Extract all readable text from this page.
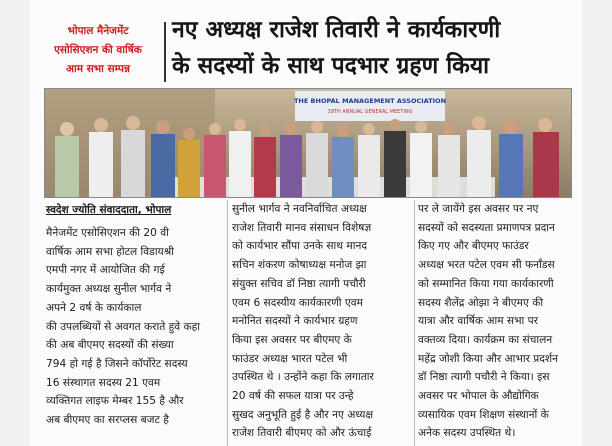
भोपाल मैनेजमेंट
एसोसिएशन की वार्षिक
आम सभा सम्पन्न
नए अध्यक्ष राजेश तिवारी ने कार्यकारणी
के सदस्यों के साथ पदभार ग्रहण किया
THE BHOPAL MANAGEMENT ASSOCIATION
39TH ANNUAL GENERAL MEETING
स्वदेश ज्योति संवाददाता, भोपाल
मैनेजमेंट एसोसिएशन की 20 वी
वार्षिक आम सभा होटल विडायश्री
एमपी नगर में आयोजित की गई
कार्यमुक्त अध्यक्ष सुनील भार्गव ने
अपने 2 वर्ष के कार्यकाल
की उपलब्धियों से अवगत कराते हुवे कहा
की अब बीएमए सदस्यों की संख्या
794 हो गई है जिसने कॉर्पोरेट सदस्य
16 संस्थागत सदस्य 21 एवम
व्यक्तिगत लाइफ मेम्बर 155 है और
अब बीएमए का सरप्लस बजट है
सुनील भार्गव ने नवनिर्वाचित अध्यक्ष
राजेश तिवारी मानव संसाधन विशेषज्ञ
को कार्यभार सौंपा उनके साथ मानद
सचिन शंकरण कोषाध्यक्ष मनोज झा
संयुक्त सचिव डॉ निष्ठा त्यागी पचौरी
एवम 6 सदस्यीय कार्यकारणी एवम
मनोनित सदस्यों ने कार्यभार ग्रहण
किया इस अवसर पर बीएमए के
फाउंडर अध्यक्ष भारत पटेल भी
उपस्थित थे । उन्होंने कहा कि लगातार
20 वर्ष की सफल यात्रा पर उन्हे
सुखद अनुभूति हुई है और नए अध्यक्ष
राजेश तिवारी बीएमए को और ऊंचाई
पर ले जायेंगे इस अवसर पर नए
सदस्यों को सदस्यता प्रमाणपत्र प्रदान
किए गए और बीएमए फाउंडर
अध्यक्ष भरत पटेल एवम सी फर्नांडस
को सम्मानित किया गया कार्यकारणी
सदस्य शैलेंद्र ओझा ने बीएमए की
यात्रा और वार्षिक आम सभा पर
वक्तव्य दिया। कार्यक्रम का संचालन
महेंद्र जोशी किया और आभार प्रदर्शन
डॉ निष्ठा त्यागी पचौरी ने किया। इस
अवसर पर भोपाल के औद्योगिक
व्यसायिक एवम शिक्षण संस्थानों के
अनेक सदस्य उपस्थित थे।
